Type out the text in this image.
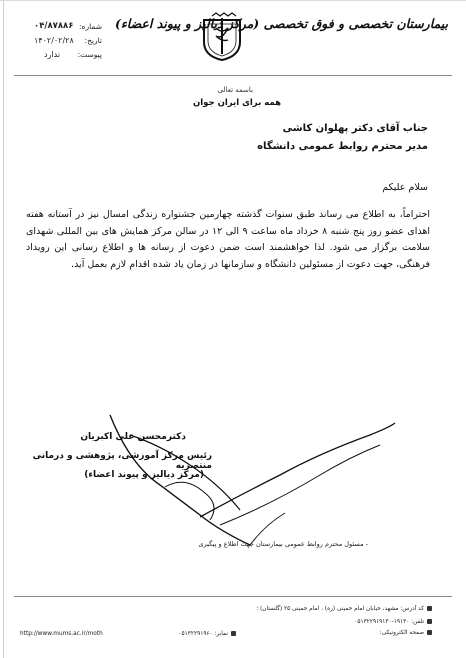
بیمارستان تخصصی و فوق تخصصی (مرکز دیالیز و پیوند اعضاء)
شماره:
۰۴/۸۷۸۸۶
تاریخ:
۱۴۰۲/۰۲/۲۸
پیوست:
ندارد
باسمه تعالی
همه برای ایران جوان
جناب آقای دکتر پهلوان کاشی
مدیر محترم روابط عمومی دانشگاه
سلام علیکم
احتراماً، به اطلاع می رساند طبق سنوات گذشته چهارمین جشنواره زندگی امسال نیز در آستانه هفته اهدای عضو روز پنج شنبه ۸ خرداد ماه ساعت ۹ الی ۱۲ در سالن مرکز همایش های بین المللی شهدای سلامت برگزار می شود. لذا خواهشمند است ضمن دعوت از رسانه ها و اطلاع رسانی این رویداد فرهنگی، جهت دعوت از مسئولین دانشگاه و سازمانها در زمان یاد شده اقدام لازم بعمل آید.
دکترمحسن علی اکبریان
رئیس مرکز آموزشی، پژوهشی و درمانی منتصریه
(مرکز دیالیز و پیوند اعضاء)
- مسئول محترم روابط عمومی بیمارستان جهت اطلاع و پیگیری
کد آدرس: مشهد، خیابان امام خمینی (ره) ، امام خمینی ۲۵ (گلستان) ؛
تلفن: ۱۹۱۳۰-۰۵۱۳۲۲۹۱۹۱۳۰
نمابر: ۰۵۱۳۲۲۹۱۹۶۰	صفحه الکترونیکی:
http://www.mums.ac.ir/moth
